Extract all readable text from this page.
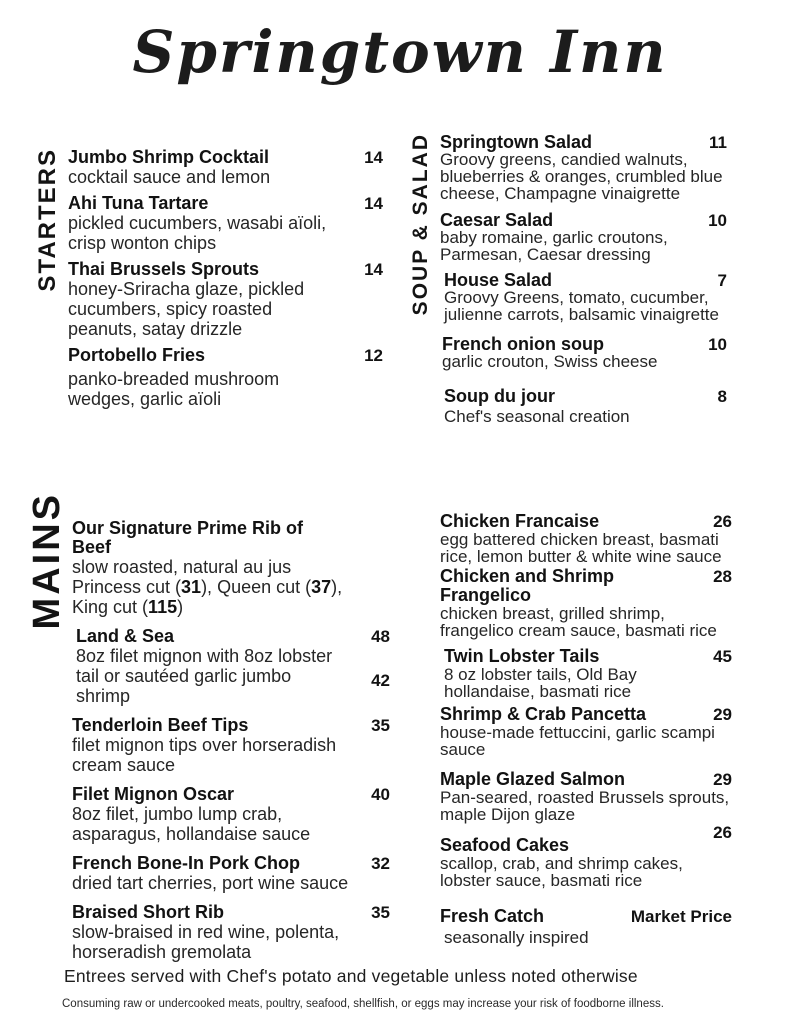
Springtown Inn
STARTERS Jumbo Shrimp Cocktail
cocktail sauce and lemon
14
Ahi Tuna Tartare
pickled cucumbers, wasabi aïoli, crisp wonton chips
14
Thai Brussels Sprouts
honey-Sriracha glaze, pickled cucumbers, spicy roasted peanuts, satay drizzle
14
Portobello Fries
panko-breaded mushroom wedges, garlic aïoli
12
SOUP & SALAD Springtown Salad
Groovy greens, candied walnuts, blueberries & oranges, crumbled blue cheese, Champagne vinaigrette
11
Caesar Salad
baby romaine, garlic croutons, Parmesan, Caesar dressing
10
House Salad
Groovy Greens, tomato, cucumber, julienne carrots, balsamic vinaigrette
7
French onion soup
garlic crouton, Swiss cheese
10
Soup du jour
Chef's seasonal creation
8
MAINS Our Signature Prime Rib of Beef
slow roasted, natural au jus
Princess cut (31), Queen cut (37),
King cut (115)
Land & Sea
8oz filet mignon with 8oz lobster
tail or sautéed garlic jumbo
shrimp
48
42
Tenderloin Beef Tips
filet mignon tips over horseradish cream sauce
35
Filet Mignon Oscar
8oz filet, jumbo lump crab, asparagus, hollandaise sauce
40
French Bone-In Pork Chop
dried tart cherries, port wine sauce
32
Braised Short Rib
slow-braised in red wine, polenta, horseradish gremolata
35
Chicken Francaise
egg battered chicken breast, basmati rice, lemon butter & white wine sauce
26
Chicken and Shrimp Frangelico
chicken breast, grilled shrimp, frangelico cream sauce, basmati rice
28
Twin Lobster Tails
8 oz lobster tails, Old Bay hollandaise, basmati rice
45
Shrimp & Crab Pancetta
house-made fettuccini, garlic scampi sauce
29
Maple Glazed Salmon
Pan-seared, roasted Brussels sprouts, maple Dijon glaze
29
Seafood Cakes
scallop, crab, and shrimp cakes, lobster sauce, basmati rice
26
Fresh Catch
seasonally inspired
Market Price
Entrees served with Chef's potato and vegetable unless noted otherwise
Consuming raw or undercooked meats, poultry, seafood, shellfish, or eggs may increase your risk of foodborne illness.
